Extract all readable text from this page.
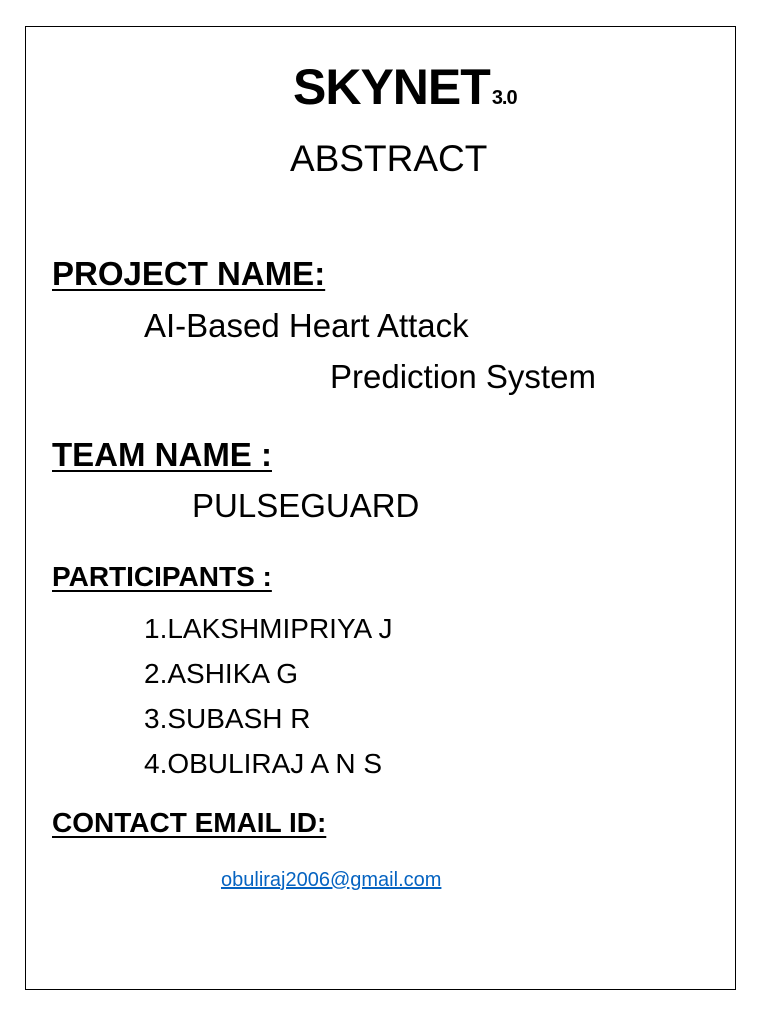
SKYNET 3.0
ABSTRACT
PROJECT NAME:
AI-Based Heart Attack
Prediction System
TEAM NAME :
PULSEGUARD
PARTICIPANTS :
1.LAKSHMIPRIYA J
2.ASHIKA G
3.SUBASH R
4.OBULIRAJ A N S
CONTACT EMAIL ID:
obuliraj2006@gmail.com
